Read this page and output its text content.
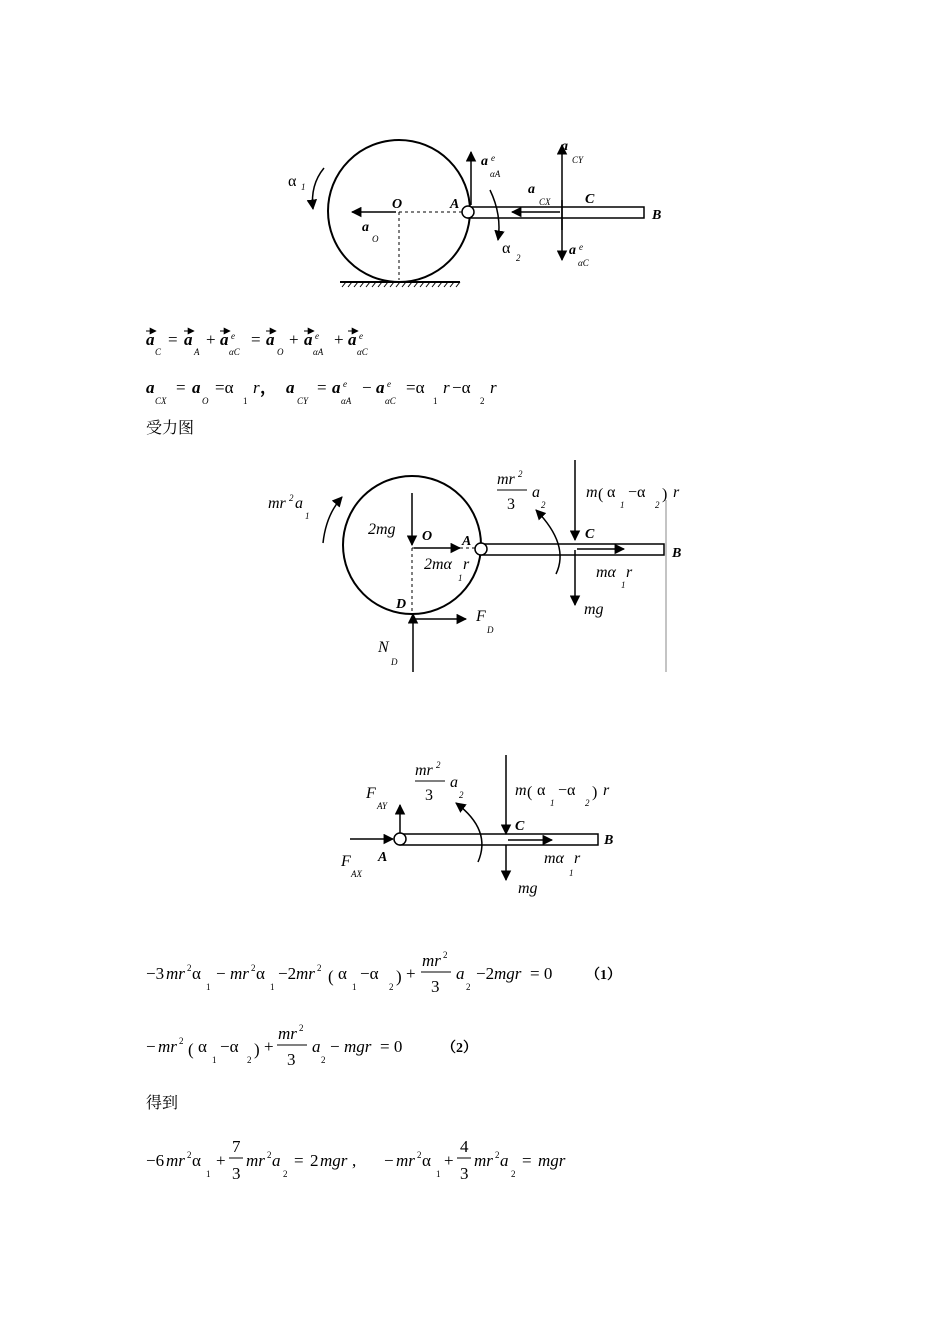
α 1
O	A
B
C
a
O
a e
αA
a
CY
a
CX
α
2	a e
αC
a
C
= a
A
+ a e
αC
= a
O
+ a e
αA
+ a e
αC
a
CX
= a
O
=α
1
r ， a
CY
= a e
αA
− a e
αC
=α
1
r −α
2
r
mr 2 a
1
2mg O A
B
C
D
2mα r
1
F
D
N
D
mr 2
3
a
2
m ( α
1
−α
2
) r
mα r
1
mg
F
AY
F
AX
A
B
C
mr 2
3
a
2	m ( α
1
−α
2
) r
mα r
1
mg
−3 mr 2 α
1
− mr 2 α
1
−2 mr 2 ( α
1
−α
2
) +
mr 2
3
a
2
−2 mgr = 0 （1）
− mr 2 ( α
1
−α
2
) +
mr 2
3
a
2
− mgr = 0	（2）
−6 mr 2 α
1
+
7
3
mr 2 a
2
= 2 mgr , − mr 2 α
1
+
4
3
mr 2 a
2
= mgr
受力图
得到
